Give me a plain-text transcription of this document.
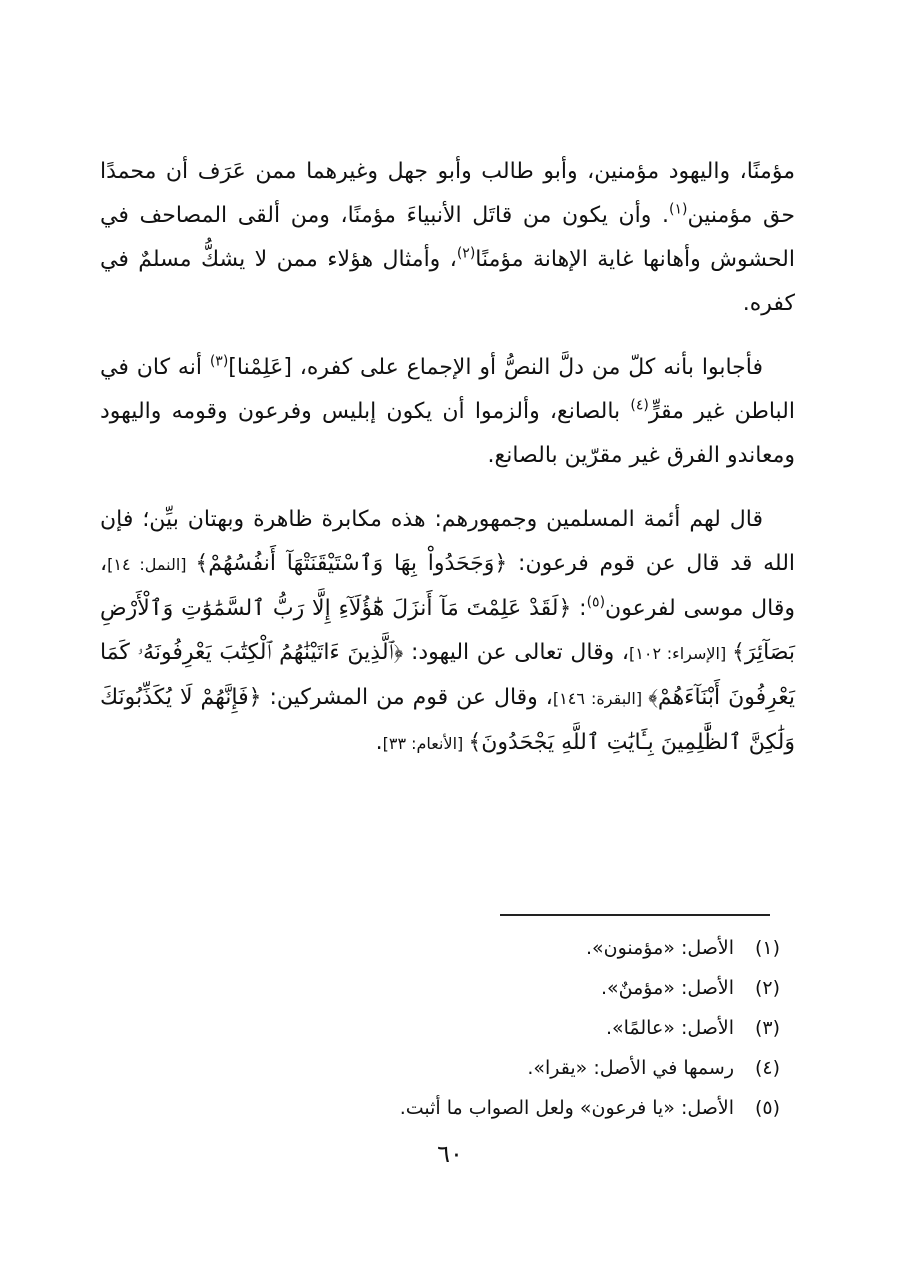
مؤمنًا، واليهود مؤمنين، وأبو طالب وأبو جهل وغيرهما ممن عَرَف أن محمدًا حق مؤمنين$^{(١)}$. وأن يكون من قاتَل الأنبياءَ مؤمنًا، ومن ألقى المصاحف في الحشوش وأهانها غاية الإهانة مؤمنًا$^{(٢)}$، وأمثال هؤلاء ممن لا يشكُّ مسلمٌ في كفره.

فأجابوا بأنه كلّ من دلَّ النصُّ أو الإجماع على كفره، [عَلِمْنا]$^{(٣)}$ أنه كان في الباطن غير مقرٍّ$^{(٤)}$ بالصانع، وألزموا أن يكون إبليس وفرعون وقومه واليهود ومعاندو الفرق غير مقرّين بالصانع.

قال لهم أئمة المسلمين وجمهورهم: هذه مكابرة ظاهرة وبهتان بيِّن؛ فإن الله قد قال عن قوم فرعون: ﴿وَجَحَدُواْ بِهَا وَٱسْتَيْقَنَتْهَآ أَنفُسُهُمْ﴾ [النمل: ١٤]، وقال موسى لفرعون$^{(٥)}$: ﴿لَقَدْ عَلِمْتَ مَآ أَنزَلَ هَٰٓؤُلَآءِ إِلَّا رَبُّ ٱلسَّمَٰوَٰتِ وَٱلْأَرْضِ بَصَآئِرَ﴾ [الإسراء: ١٠٢]، وقال تعالى عن اليهود: ﴿ٱلَّذِينَ ءَاتَيْنَٰهُمُ ٱلْكِتَٰبَ يَعْرِفُونَهُۥ كَمَا يَعْرِفُونَ أَبْنَآءَهُمْ﴾ [البقرة: ١٤٦]، وقال عن قوم من المشركين: ﴿فَإِنَّهُمْ لَا يُكَذِّبُونَكَ وَلَٰكِنَّ ٱلظَّٰلِمِينَ بِـَٔايَٰتِ ٱللَّهِ يَجْحَدُونَ﴾ [الأنعام: ٣٣].

(١)
الأصل: «مؤمنون».
(٢)
الأصل: «مؤمنٌ».
(٣)
الأصل: «عالمًا».
(٤)
رسمها في الأصل: «يقرا».
(٥)
الأصل: «يا فرعون» ولعل الصواب ما أثبت.
٦٠
